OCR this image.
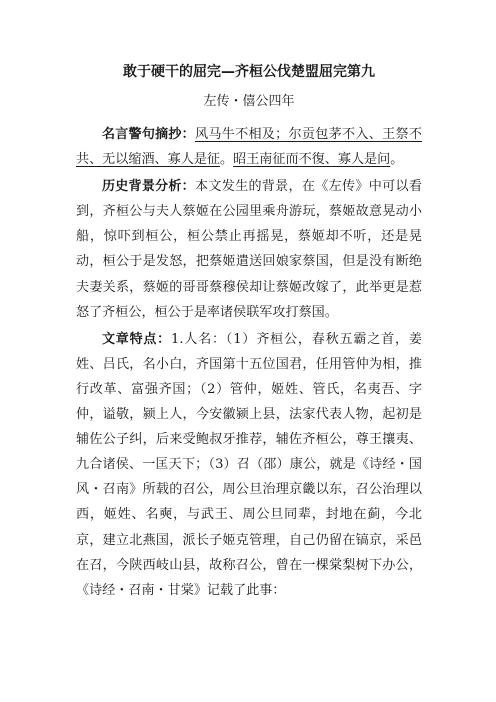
敢于硬干的屈完—齐桓公伐楚盟屈完第九
左传・僖公四年

名言警句摘抄：风马牛不相及；尔贡包茅不入、王祭不共、无以缩酒、寡人是征。昭王南征而不復、寡人是问。

历史背景分析：本文发生的背景，在《左传》中可以看到，齐桓公与夫人蔡姬在公园里乘舟游玩，蔡姬故意晃动小船，惊吓到桓公，桓公禁止再摇晃，蔡姬却不听，还是晃动，桓公于是发怒，把蔡姬遣送回娘家蔡国，但是没有断绝夫妻关系，蔡姬的哥哥蔡穆侯却让蔡姬改嫁了，此举更是惹怒了齐桓公，桓公于是率诸侯联军攻打蔡国。

文章特点：1.人名：（1）齐桓公，春秋五霸之首，姜姓、吕氏，名小白，齐国第十五位国君，任用管仲为相，推行改革、富强齐国；（2）管仲，姬姓、管氏，名夷吾、字仲，谥敬，颍上人，今安徽颍上县，法家代表人物，起初是辅佐公子纠，后来受鲍叔牙推荐，辅佐齐桓公，尊王攘夷、九合诸侯、一匡天下；（3）召（邵）康公，就是《诗经・国风・召南》所载的召公，周公旦治理京畿以东，召公治理以西，姬姓、名奭，与武王、周公旦同辈，封地在蓟，今北京，建立北燕国，派长子姬克管理，自己仍留在镐京，采邑在召，今陕西岐山县，故称召公，曾在一棵棠梨树下办公，《诗经・召南・甘棠》记载了此事：
